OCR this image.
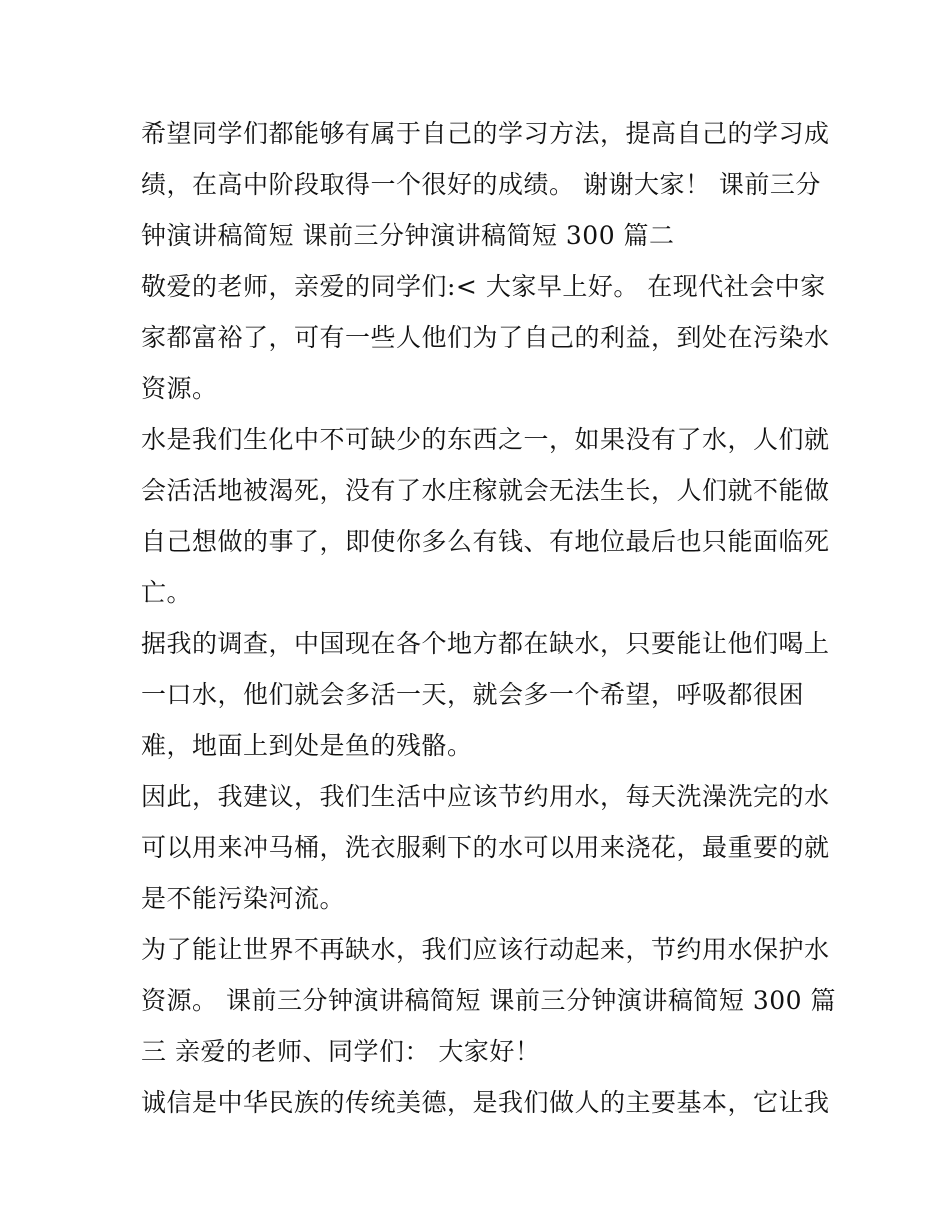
希望同学们都能够有属于自己的学习方法，提高自己的学习成
绩，在高中阶段取得一个很好的成绩。 谢谢大家！ 课前三分
钟演讲稿简短 课前三分钟演讲稿简短 300 篇二
敬爱的老师，亲爱的同学们:< 大家早上好。 在现代社会中家
家都富裕了，可有一些人他们为了自己的利益，到处在污染水
资源。
水是我们生化中不可缺少的东西之一，如果没有了水，人们就
会活活地被渴死，没有了水庄稼就会无法生长，人们就不能做
自己想做的事了，即使你多么有钱、有地位最后也只能面临死
亡。
据我的调查，中国现在各个地方都在缺水，只要能让他们喝上
一口水，他们就会多活一天，就会多一个希望，呼吸都很困
难，地面上到处是鱼的残骼。
因此，我建议，我们生活中应该节约用水，每天洗澡洗完的水
可以用来冲马桶，洗衣服剩下的水可以用来浇花，最重要的就
是不能污染河流。
为了能让世界不再缺水，我们应该行动起来，节约用水保护水
资源。 课前三分钟演讲稿简短 课前三分钟演讲稿简短 300 篇
三 亲爱的老师、同学们： 大家好！
诚信是中华民族的传统美德，是我们做人的主要基本，它让我
